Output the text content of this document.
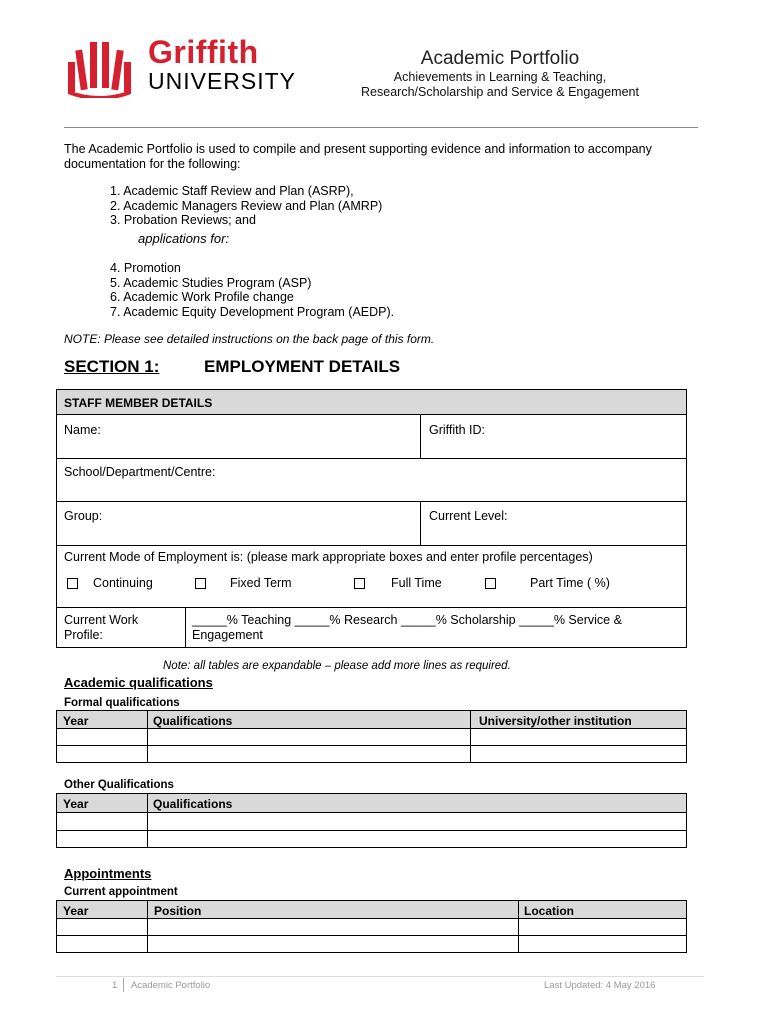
Griffith
UNIVERSITY
Academic Portfolio
Achievements in Learning & Teaching,
Research/Scholarship and Service & Engagement
The Academic Portfolio is used to compile and present supporting evidence and information to accompany documentation for the following:
1. Academic Staff Review and Plan (ASRP),
2. Academic Managers Review and Plan (AMRP)
3. Probation Reviews; and
applications for:
4. Promotion
5. Academic Studies Program (ASP)
6. Academic Work Profile change
7. Academic Equity Development Program (AEDP).
NOTE: Please see detailed instructions on the back page of this form.
SECTION 1:	EMPLOYMENT DETAILS
STAFF MEMBER DETAILS
Name:	Griffith ID:
School/Department/Centre:
Group:	Current Level:
Current Mode of Employment is: (please mark appropriate boxes and enter profile percentages)
Continuing	Fixed Term	Full Time	Part Time ( %)
Current Work Profile:
_____% Teaching _____% Research _____% Scholarship _____% Service &
Engagement
Note: all tables are expandable – please add more lines as required.
Academic qualifications
Formal qualifications
Year	Qualifications	University/other institution
Other Qualifications
Year	Qualifications
Appointments
Current appointment
Year	Position	Location
1 Academic Portfolio	Last Updated: 4 May 2016
